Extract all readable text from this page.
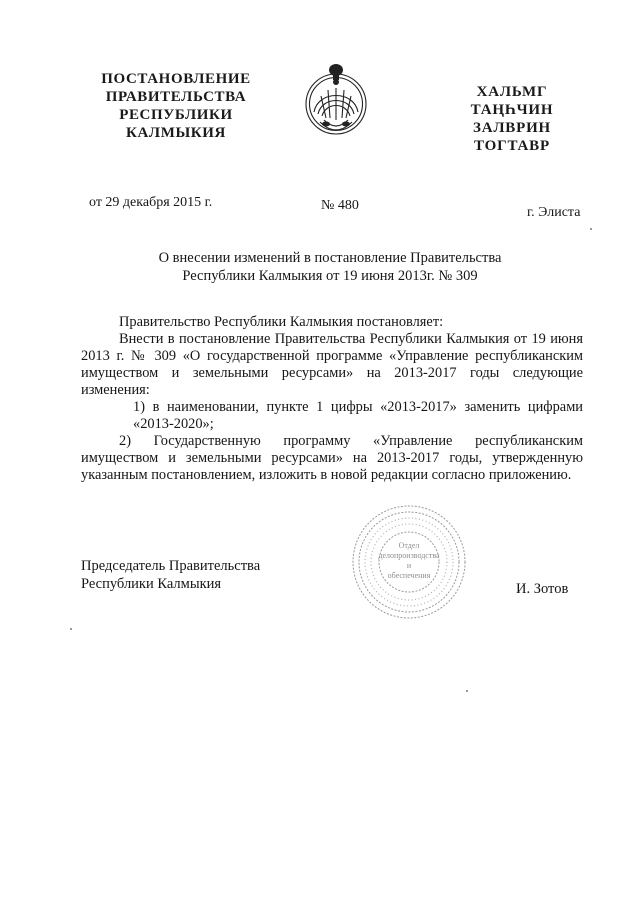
ПОСТАНОВЛЕНИЕ
ПРАВИТЕЛЬСТВА
РЕСПУБЛИКИ
КАЛМЫКИЯ
ХАЛЬМГ
ТАҢҺЧИН
ЗАЛВРИН
ТОГТАВР
от 29 декабря 2015 г.	№ 480	г. Элиста
О внесении изменений в постановление Правительства
Республики Калмыкия от 19 июня 2013г. № 309

Правительство Республики Калмыкия постановляет:

Внести в постановление Правительства Республики Калмыкия от 19 июня 2013 г. № 309 «О государственной программе «Управление республиканским имуществом и земельными ресурсами» на 2013-2017 годы следующие изменения:

1) в наименовании, пункте 1 цифры «2013-2017» заменить цифрами «2013-2020»;

2) Государственную программу «Управление республиканским имуществом и земельными ресурсами» на 2013-2017 годы, утвержденную указанным постановлением, изложить в новой редакции согласно приложению.

Отдел
делопроизводства
и
обеспечения
Председатель Правительства
Республики Калмыкия	И. Зотов
